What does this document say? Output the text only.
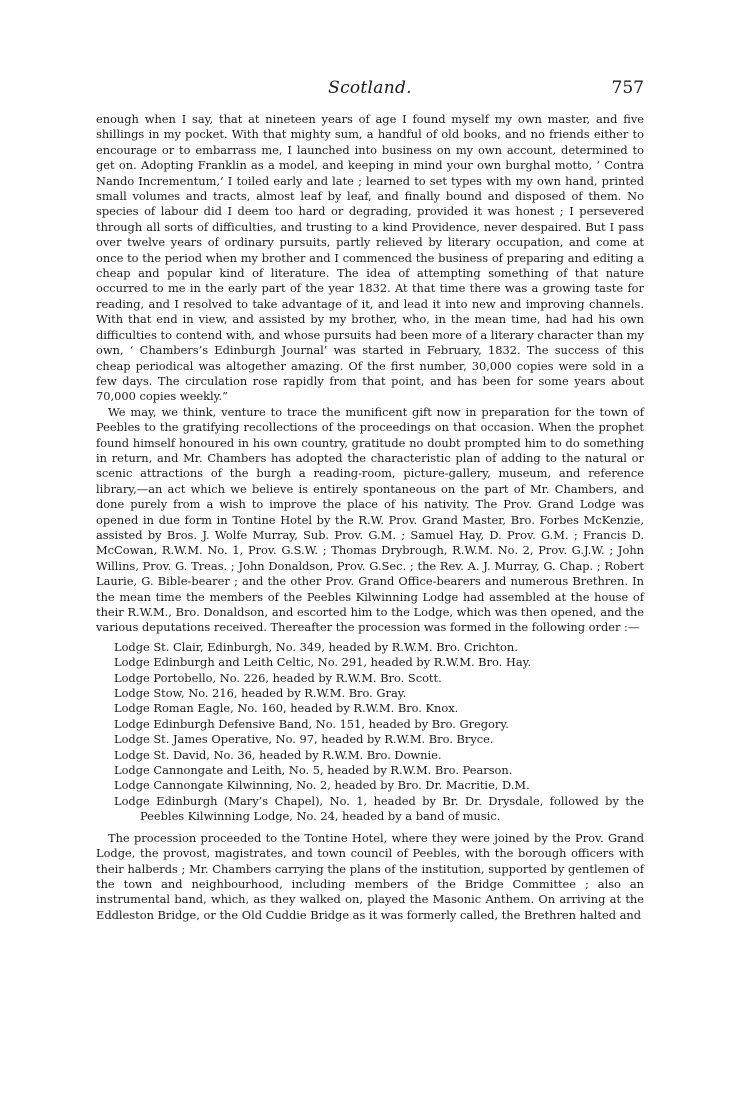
Scotland.	757

enough when I say, that at nineteen years of age I found myself my own master, and five shillings in my pocket. With that mighty sum, a handful of old books, and no friends either to encourage or to embarrass me, I launched into business on my own account, determined to get on. Adopting Franklin as a model, and keeping in mind your own burghal motto, ‘ Contra Nando Incrementum,’ I toiled early and late ; learned to set types with my own hand, printed small volumes and tracts, almost leaf by leaf, and finally bound and disposed of them. No species of labour did I deem too hard or degrading, provided it was honest ; I persevered through all sorts of difficulties, and trusting to a kind Providence, never despaired. But I pass over twelve years of ordinary pursuits, partly relieved by literary occupation, and come at once to the period when my brother and I commenced the business of preparing and editing a cheap and popular kind of literature. The idea of attempting something of that nature occurred to me in the early part of the year 1832. At that time there was a growing taste for reading, and I resolved to take advantage of it, and lead it into new and improving channels. With that end in view, and assisted by my brother, who, in the mean time, had had his own difficulties to contend with, and whose pursuits had been more of a literary character than my own, ‘ Chambers’s Edinburgh Journal’ was started in February, 1832. The success of this cheap periodical was altogether amazing. Of the first number, 30,000 copies were sold in a few days. The circulation rose rapidly from that point, and has been for some years about 70,000 copies weekly.”

We may, we think, venture to trace the munificent gift now in preparation for the town of Peebles to the gratifying recollections of the proceedings on that occasion. When the prophet found himself honoured in his own country, gratitude no doubt prompted him to do something in return, and Mr. Chambers has adopted the characteristic plan of adding to the natural or scenic attractions of the burgh a reading-room, picture-gallery, museum, and reference library,—an act which we believe is entirely spontaneous on the part of Mr. Chambers, and done purely from a wish to improve the place of his nativity. The Prov. Grand Lodge was opened in due form in Tontine Hotel by the R.W. Prov. Grand Master, Bro. Forbes McKenzie, assisted by Bros. J. Wolfe Murray, Sub. Prov. G.M. ; Samuel Hay, D. Prov. G.M. ; Francis D. McCowan, R.W.M. No. 1, Prov. G.S.W. ; Thomas Drybrough, R.W.M. No. 2, Prov. G.J.W. ; John Willins, Prov. G. Treas. ; John Donaldson, Prov. G.Sec. ; the Rev. A. J. Murray, G. Chap. ; Robert Laurie, G. Bible-bearer ; and the other Prov. Grand Office-bearers and numerous Brethren. In the mean time the members of the Peebles Kilwinning Lodge had assembled at the house of their R.W.M., Bro. Donaldson, and escorted him to the Lodge, which was then opened, and the various deputations received. Thereafter the procession was formed in the following order :—

Lodge St. Clair, Edinburgh, No. 349, headed by R.W.M. Bro. Crichton.
Lodge Edinburgh and Leith Celtic, No. 291, headed by R.W.M. Bro. Hay.
Lodge Portobello, No. 226, headed by R.W.M. Bro. Scott.
Lodge Stow, No. 216, headed by R.W.M. Bro. Gray.
Lodge Roman Eagle, No. 160, headed by R.W.M. Bro. Knox.
Lodge Edinburgh Defensive Band, No. 151, headed by Bro. Gregory.
Lodge St. James Operative, No. 97, headed by R.W.M. Bro. Bryce.
Lodge St. David, No. 36, headed by R.W.M. Bro. Downie.
Lodge Cannongate and Leith, No. 5, headed by R.W.M. Bro. Pearson.
Lodge Cannongate Kilwinning, No. 2, headed by Bro. Dr. Macritie, D.M.
Lodge Edinburgh (Mary’s Chapel), No. 1, headed by Br. Dr. Drysdale, followed by the Peebles Kilwinning Lodge, No. 24, headed by a band of music.

The procession proceeded to the Tontine Hotel, where they were joined by the Prov. Grand Lodge, the provost, magistrates, and town council of Peebles, with the borough officers with their halberds ; Mr. Chambers carrying the plans of the institution, supported by gentlemen of the town and neighbourhood, including members of the Bridge Committee ; also an instrumental band, which, as they walked on, played the Masonic Anthem. On arriving at the Eddleston Bridge, or the Old Cuddie Bridge as it was formerly called, the Brethren halted and
